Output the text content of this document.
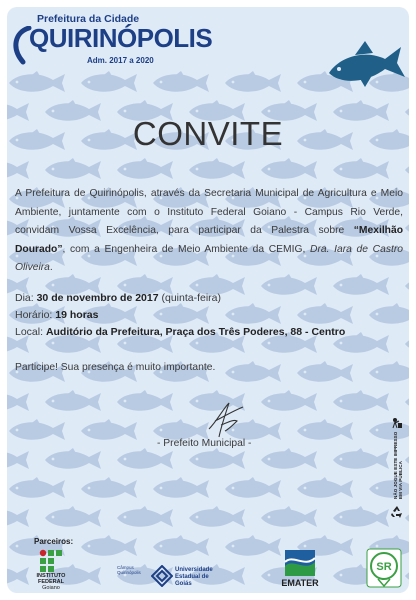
Prefeitura da Cidade
QUIRINÓPOLIS
Adm. 2017 a 2020
CONVITE
A Prefeitura de Quirinópolis, através da Secretaria Municipal de Agricultura e Meio Ambiente, juntamente com o Instituto Federal Goiano - Campus Rio Verde, convidam Vossa Excelência, para participar da Palestra sobre “Mexilhão Dourado”, com a Engenheira de Meio Ambiente da CEMIG, Dra. Iara de Castro Oliveira.
Dia: 30 de novembro de 2017 (quinta-feira)
Horário: 19 horas
Local: Auditório da Prefeitura, Praça dos Três Poderes, 88 - Centro
Participe! Sua presença é muito importante.
- Prefeito Municipal -	NÃO JOGUE ESTE IMPRESSO EM VIA PÚBLICA
Parceiros:
INSTITUTO
FEDERAL
Goiano
Câmpus
Quirinópolis	Universidade
Estadual de Goiás	EMATER
SR
